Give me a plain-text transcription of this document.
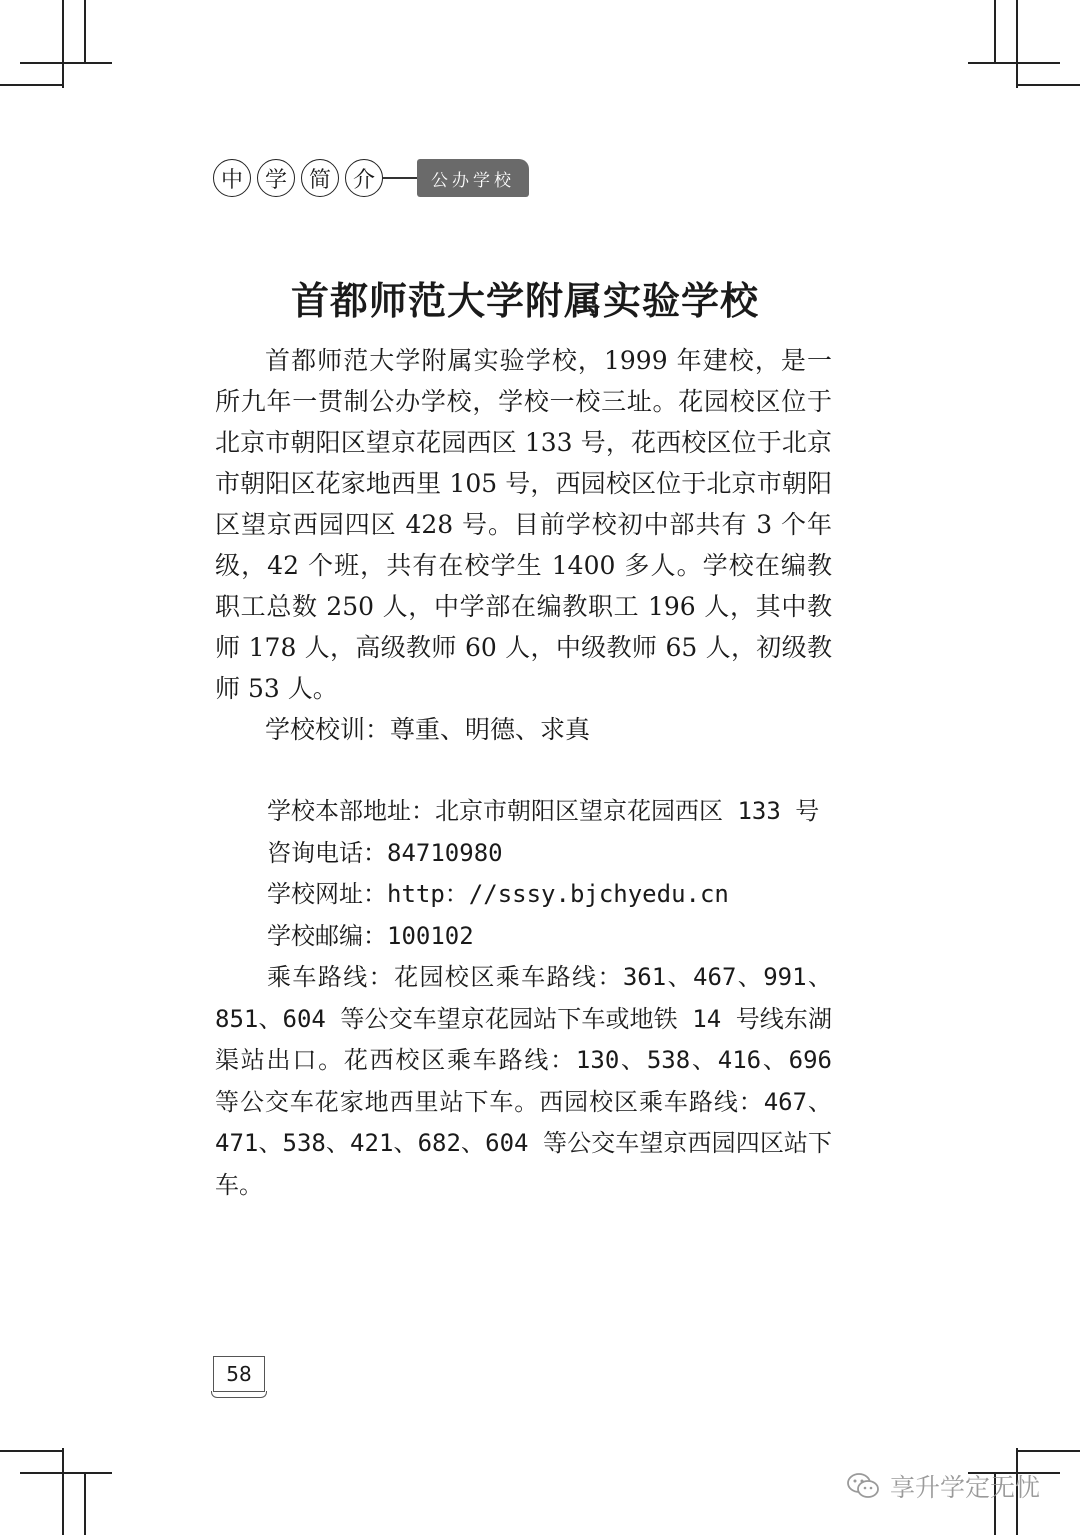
中 学 简 介	公办学校
首都师范大学附属实验学校

首都师范大学附属实验学校，1999 年建校，是一所九年一贯制公办学校，学校一校三址。花园校区位于北京市朝阳区望京花园西区 133 号，花西校区位于北京市朝阳区花家地西里 105 号，西园校区位于北京市朝阳区望京西园四区 428 号。目前学校初中部共有 3 个年级，42 个班，共有在校学生 1400 多人。学校在编教职工总数 250 人，中学部在编教职工 196 人，其中教师 178 人，高级教师 60 人，中级教师 65 人，初级教师 53 人。

学校校训：尊重、明德、求真

学校本部地址：北京市朝阳区望京花园西区 133 号
咨询电话：84710980
学校网址：http：//sssy.bjchyedu.cn
学校邮编：100102
乘车路线：花园校区乘车路线：361、467、991、851、604 等公交车望京花园站下车或地铁 14 号线东湖渠站出口。花西校区乘车路线：130、538、416、696 等公交车花家地西里站下车。西园校区乘车路线：467、471、538、421、682、604 等公交车望京西园四区站下车。
58
享升学定无忧
